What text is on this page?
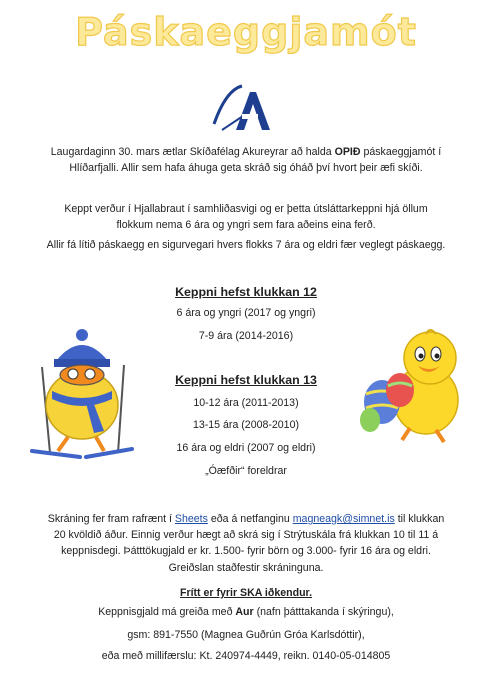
Páskaeggjamót
Laugardaginn 30. mars ætlar Skíðafélag Akureyrar að halda OPIÐ páskaeggjamót í
Hlíðarfjalli. Allir sem hafa áhuga geta skráð sig óháð því hvort þeir æfi skíði.
Keppt verður í Hjallabraut í samhliðasvigi og er þetta útsláttarkeppni hjá öllum
flokkum nema 6 ára og yngri sem fara aðeins eina ferð.
Allir fá lítið páskaegg en sigurvegari hvers flokks 7 ára og eldri fær veglegt páskaegg.
Keppni hefst klukkan 12
6 ára og yngri (2017 og yngri)
7-9 ára (2014-2016)
Keppni hefst klukkan 13
10-12 ára (2011-2013)
13-15 ára (2008-2010)
16 ára og eldri (2007 og eldri)
„Óæfðir“ foreldrar
Skráning fer fram rafrænt í Sheets eða á netfanginu magneagk@simnet.is til klukkan
20 kvöldið áður. Einnig verður hægt að skrá sig í Strýtuskála frá klukkan 10 til 11 á
keppnisdegi. Þátttökugjald er kr. 1.500- fyrir börn og 3.000- fyrir 16 ára og eldri.
Greiðslan staðfestir skráninguna.
Frítt er fyrir SKA iðkendur.
Keppnisgjald má greiða með Aur (nafn þátttakanda í skýringu),
gsm: 891-7550 (Magnea Guðrún Gróa Karlsdóttir),
eða með millifærslu: Kt. 240974-4449, reikn. 0140-05-014805
